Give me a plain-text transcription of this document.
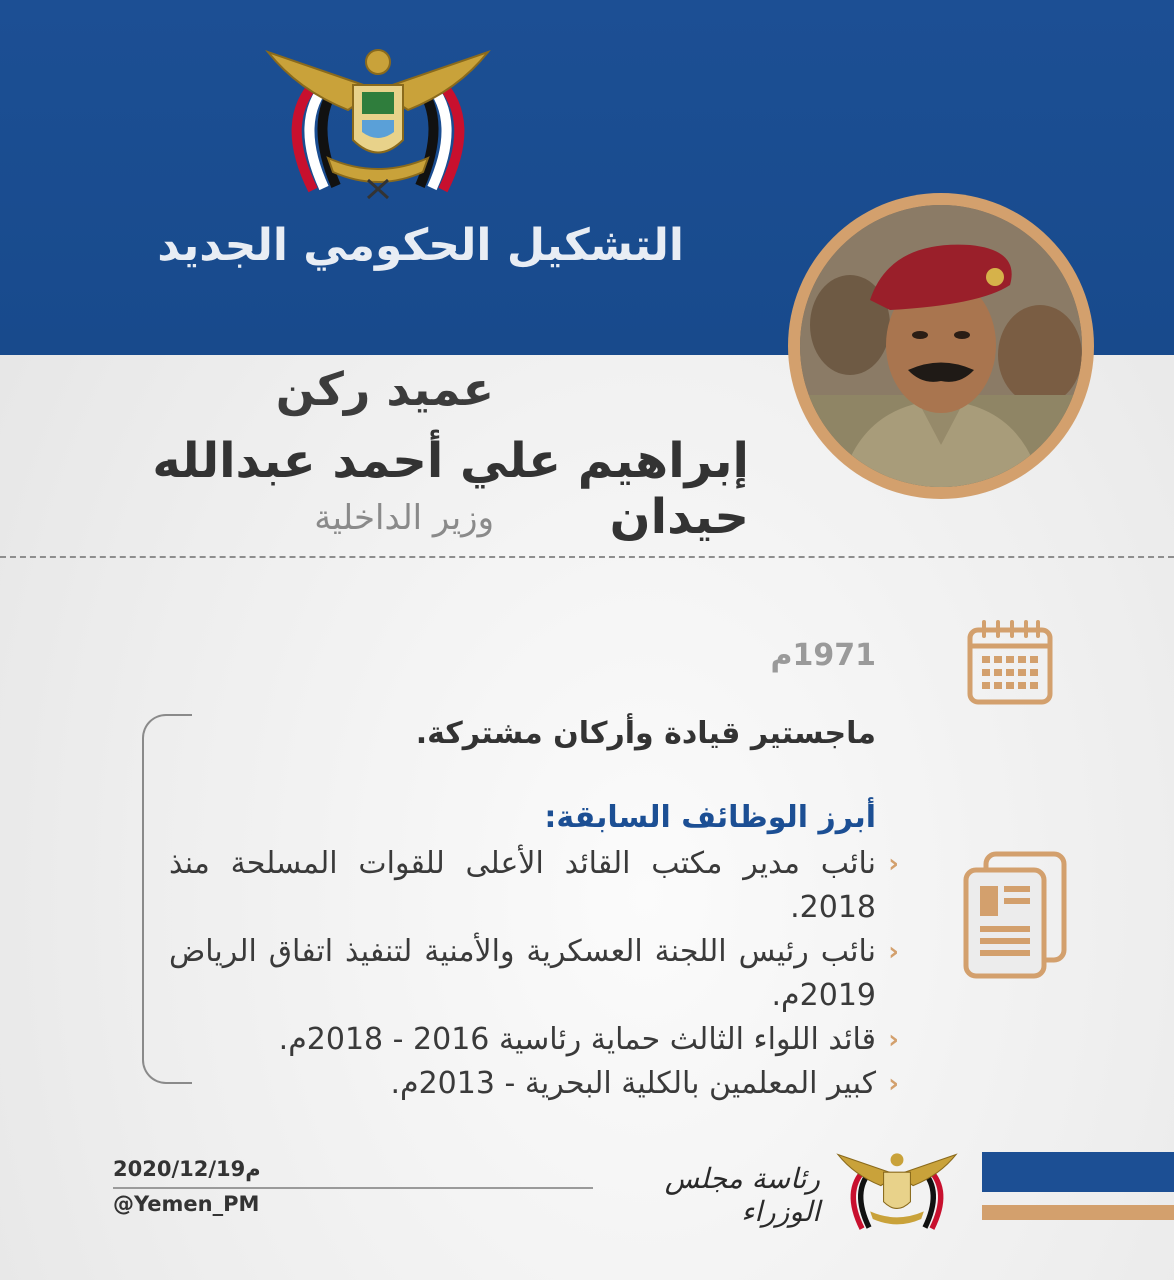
التشكيل الحكومي الجديد
عميد ركن
إبراهيم علي أحمد عبدالله حيدان
وزير الداخلية
1971م
ماجستير قيادة وأركان مشتركة.
أبرز الوظائف السابقة:
‹
نائب مدير مكتب القائد الأعلى للقوات المسلحة منذ 2018.
‹
نائب رئيس اللجنة العسكرية والأمنية لتنفيذ اتفاق الرياض 2019م.
‹
قائد اللواء الثالث حماية رئاسية 2016 - 2018م.
‹
كبير المعلمين بالكلية البحرية - 2013م.
2020/12/19م
@Yemen_PM
رئاسة مجلس الوزراء
